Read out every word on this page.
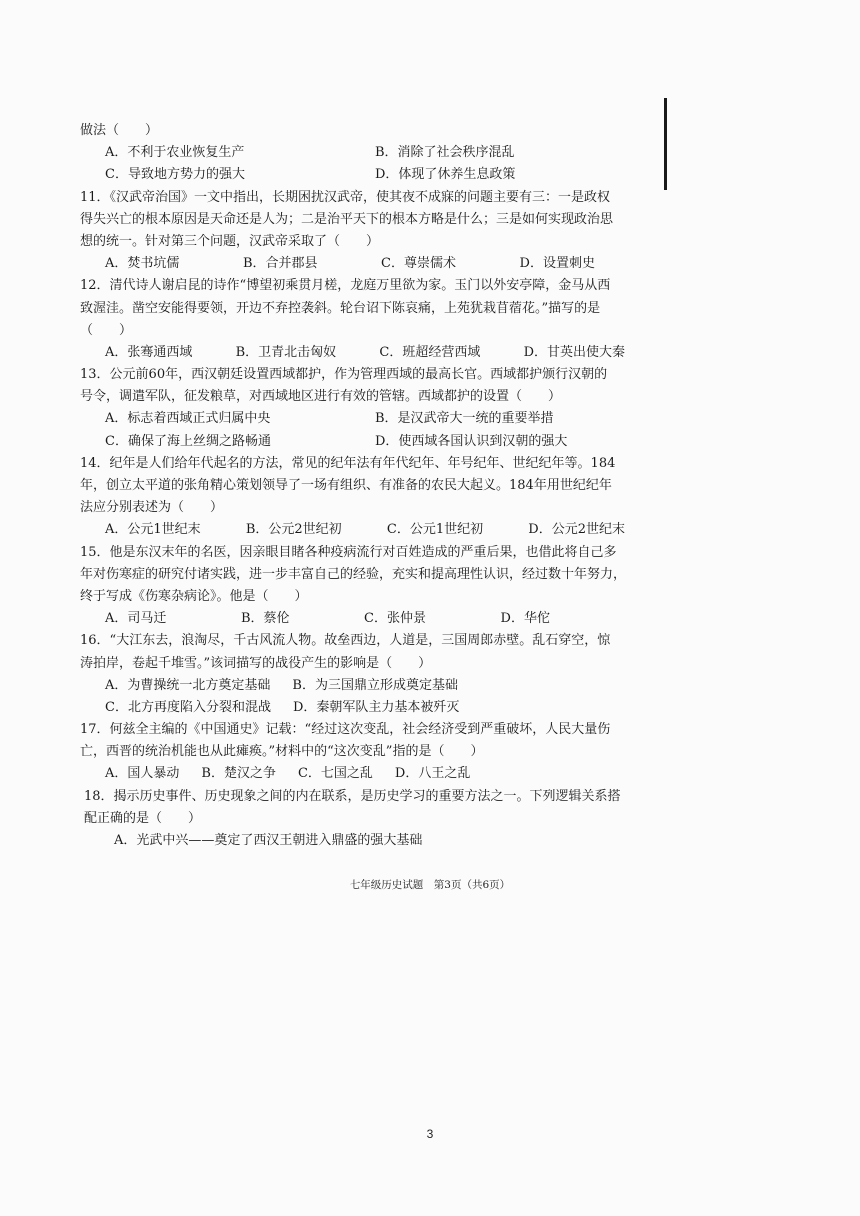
做法（　　）
A．不利于农业恢复生产	B．消除了社会秩序混乱
C．导致地方势力的强大	D．体现了休养生息政策
11．《汉武帝治国》一文中指出，长期困扰汉武帝，使其夜不成寐的问题主要有三：一是政权
得失兴亡的根本原因是天命还是人为；二是治平天下的根本方略是什么；三是如何实现政治思
想的统一。针对第三个问题，汉武帝采取了（　　）
A．焚书坑儒	B．合并郡县	C．尊崇儒术	D．设置刺史
12．清代诗人谢启昆的诗作“博望初乘贯月槎，龙庭万里欲为家。玉门以外安亭障，金马从西
致渥洼。凿空安能得要领，开边不弃控袭斜。轮台诏下陈哀痛，上苑犹栽苜蓿花。”描写的是
（　　）
A．张骞通西域	B．卫青北击匈奴	C．班超经营西域	D．甘英出使大秦
13．公元前60年，西汉朝廷设置西域都护，作为管理西域的最高长官。西域都护颁行汉朝的
号令，调遣军队，征发粮草，对西域地区进行有效的管辖。西域都护的设置（　　）
A．标志着西域正式归属中央	B．是汉武帝大一统的重要举措
C．确保了海上丝绸之路畅通	D．使西域各国认识到汉朝的强大
14．纪年是人们给年代起名的方法，常见的纪年法有年代纪年、年号纪年、世纪纪年等。184
年，创立太平道的张角精心策划领导了一场有组织、有准备的农民大起义。184年用世纪纪年
法应分别表述为（　　）
A．公元1世纪末	B．公元2世纪初	C．公元1世纪初	D．公元2世纪末
15．他是东汉末年的名医，因亲眼目睹各种疫病流行对百姓造成的严重后果，也借此将自己多
年对伤寒症的研究付诸实践，进一步丰富自己的经验，充实和提高理性认识，经过数十年努力，
终于写成《伤寒杂病论》。他是（　　）
A．司马迁	B．蔡伦	C．张仲景	D．华佗
16．“大江东去，浪淘尽，千古风流人物。故垒西边，人道是，三国周郎赤壁。乱石穿空，惊
涛拍岸，卷起千堆雪。”该词描写的战役产生的影响是（　　）
A．为曹操统一北方奠定基础 B．为三国鼎立形成奠定基础
C．北方再度陷入分裂和混战 D．秦朝军队主力基本被歼灭
17．何兹全主编的《中国通史》记载：“经过这次变乱，社会经济受到严重破坏，人民大量伤
亡，西晋的统治机能也从此瘫痪。”材料中的“这次变乱”指的是（　　）
A．国人暴动 B．楚汉之争 C．七国之乱 D．八王之乱
18．揭示历史事件、历史现象之间的内在联系，是历史学习的重要方法之一。下列逻辑关系搭
配正确的是（　　）
A．光武中兴——奠定了西汉王朝进入鼎盛的强大基础
七年级历史试题　第3页（共6页）
3
